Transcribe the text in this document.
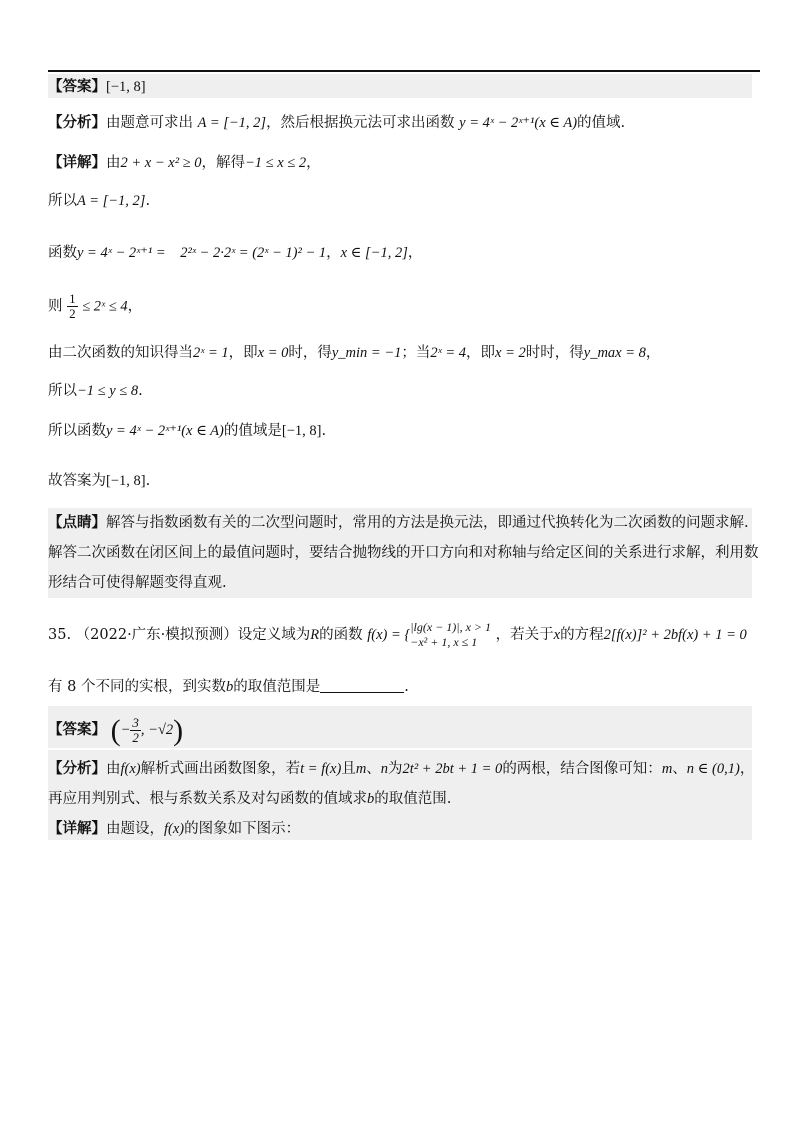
【答案】[−1, 8]
【分析】由题意可求出 A = [−1, 2]，然后根据换元法可求出函数 y = 4ˣ − 2ˣ⁺¹(x ∈ A)的值域.
【详解】由2 + x − x² ≥ 0，解得−1 ≤ x ≤ 2，
所以A = [−1, 2].
函数y = 4ˣ − 2ˣ⁺¹ = 2²ˣ − 2·2ˣ = (2ˣ − 1)² − 1，x ∈ [−1, 2]，
则 $\frac{1}{2}$ ≤ 2ˣ ≤ 4，
由二次函数的知识得当2ˣ = 1，即x = 0时，得y_min = −1；当2ˣ = 4，即x = 2时时，得y_max = 8，
所以−1 ≤ y ≤ 8.
所以函数y = 4ˣ − 2ˣ⁺¹(x ∈ A)的值域是[−1, 8].
故答案为[−1, 8].
【点睛】解答与指数函数有关的二次型问题时，常用的方法是换元法，即通过代换转化为二次函数的问题求解.
解答二次函数在闭区间上的最值问题时，要结合抛物线的开口方向和对称轴与给定区间的关系进行求解，利用数
形结合可使得解题变得直观.
35. （2022·广东·模拟预测）设定义域为R的函数 f(x) = { |lg(x − 1)|, x > 1
−x² + 1, x ≤ 1	，若关于x的方程2[f(x)]² + 2bf(x) + 1 = 0
有 8 个不同的实根，到实数b的取值范围是	.
【答案】 (− $\frac{3}{2}$ , −√2)
【分析】由f(x)解析式画出函数图象，若t = f(x)且m、n为2t² + 2bt + 1 = 0的两根，结合图像可知：m、n ∈ (0,1)，
再应用判别式、根与系数关系及对勾函数的值域求b的取值范围.
【详解】由题设，f(x)的图象如下图示：
